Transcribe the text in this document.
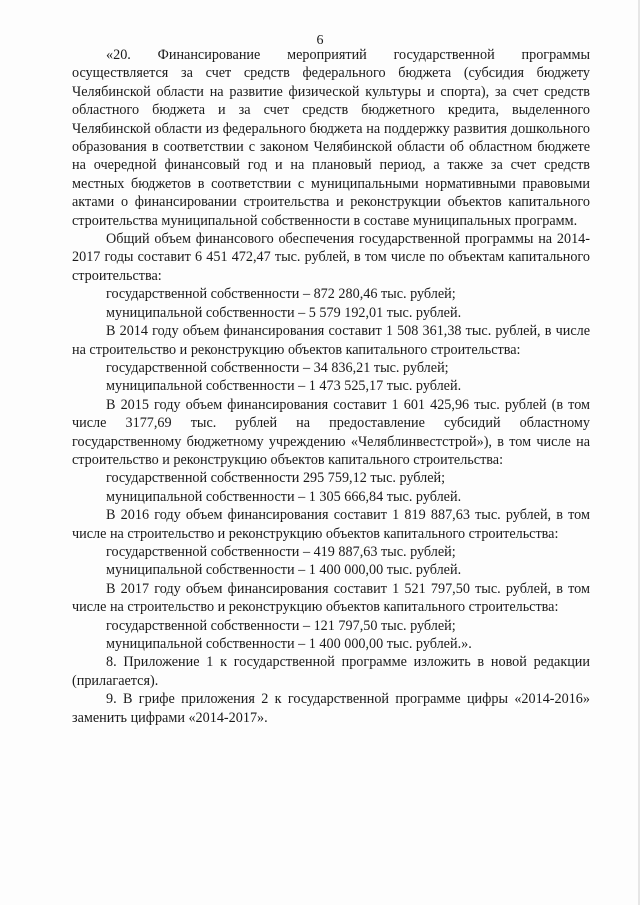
6

«20. Финансирование мероприятий государственной программы осуществляется за счет средств федерального бюджета (субсидия бюджету Челябинской области на развитие физической культуры и спорта), за счет средств областного бюджета и за счет средств бюджетного кредита, выделенного Челябинской области из федерального бюджета на поддержку развития дошкольного образования в соответствии с законом Челябинской области об областном бюджете на очередной финансовый год и на плановый период, а также за счет средств местных бюджетов в соответствии с муниципальными нормативными правовыми актами о финансировании строительства и реконструкции объектов капитального строительства муниципальной собственности в составе муниципальных программ.

Общий объем финансового обеспечения государственной программы на 2014-2017 годы составит 6 451 472,47 тыс. рублей, в том числе по объектам капитального строительства:

государственной собственности – 872 280,46 тыс. рублей;

муниципальной собственности – 5 579 192,01 тыс. рублей.

В 2014 году объем финансирования составит 1 508 361,38 тыс. рублей, в числе на строительство и реконструкцию объектов капитального строительства:

государственной собственности – 34 836,21 тыс. рублей;

муниципальной собственности – 1 473 525,17 тыс. рублей.

В 2015 году объем финансирования составит 1 601 425,96 тыс. рублей (в том числе 3177,69 тыс. рублей на предоставление субсидий областному государственному бюджетному учреждению «Челяблинвестстрой»), в том числе на строительство и реконструкцию объектов капитального строительства:

государственной собственности 295 759,12 тыс. рублей;

муниципальной собственности – 1 305 666,84 тыс. рублей.

В 2016 году объем финансирования составит 1 819 887,63 тыс. рублей, в том числе на строительство и реконструкцию объектов капитального строительства:

государственной собственности – 419 887,63 тыс. рублей;

муниципальной собственности – 1 400 000,00 тыс. рублей.

В 2017 году объем финансирования составит 1 521 797,50 тыс. рублей, в том числе на строительство и реконструкцию объектов капитального строительства:

государственной собственности – 121 797,50 тыс. рублей;

муниципальной собственности – 1 400 000,00 тыс. рублей.».

8. Приложение 1 к государственной программе изложить в новой редакции (прилагается).

9. В грифе приложения 2 к государственной программе цифры «2014-2016» заменить цифрами «2014-2017».
